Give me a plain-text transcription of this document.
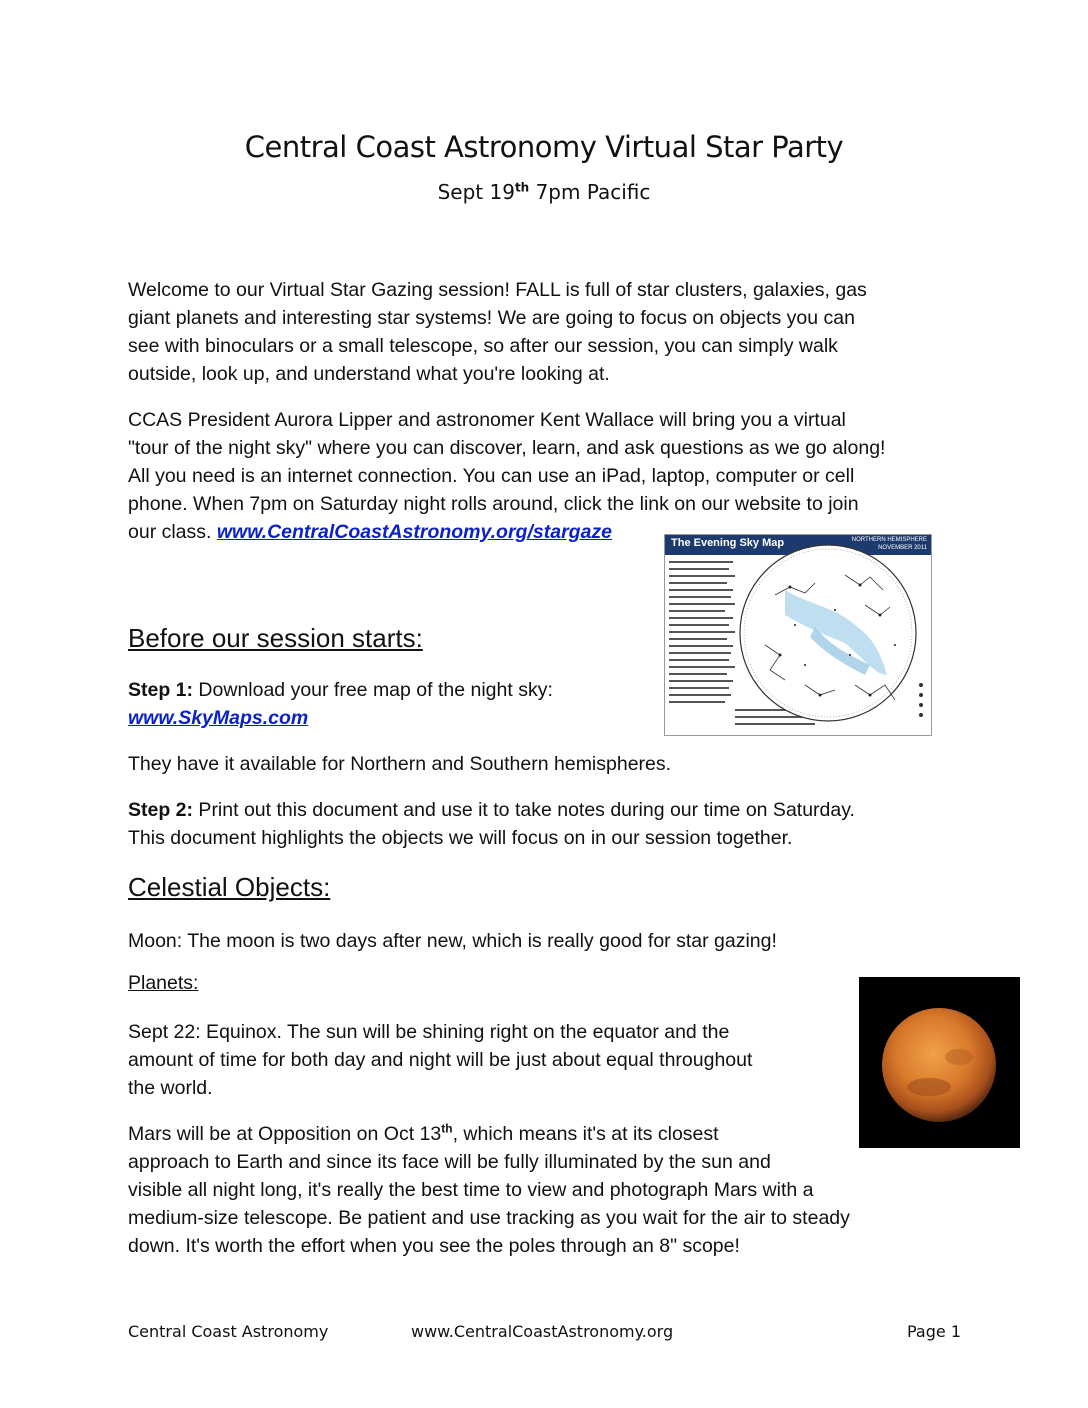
Central Coast Astronomy Virtual Star Party
Sept 19th 7pm Pacific
Welcome to our Virtual Star Gazing session! FALL is full of star clusters, galaxies, gas
giant planets and interesting star systems! We are going to focus on objects you can
see with binoculars or a small telescope, so after our session, you can simply walk
outside, look up, and understand what you're looking at.
CCAS President Aurora Lipper and astronomer Kent Wallace will bring you a virtual
"tour of the night sky" where you can discover, learn, and ask questions as we go along!
All you need is an internet connection. You can use an iPad, laptop, computer or cell
phone. When 7pm on Saturday night rolls around, click the link on our website to join
our class. www.CentralCoastAstronomy.org/stargaze	The Evening Sky Map	NORTHERN HEMISPHERE
NOVEMBER 2011
Before our session starts:
Step 1: Download your free map of the night sky:
www.SkyMaps.com
They have it available for Northern and Southern hemispheres.
Step 2: Print out this document and use it to take notes during our time on Saturday.
This document highlights the objects we will focus on in our session together.
Celestial Objects:
Moon: The moon is two days after new, which is really good for star gazing!
Planets:
Sept 22: Equinox. The sun will be shining right on the equator and the
amount of time for both day and night will be just about equal throughout
the world.
Mars will be at Opposition on Oct 13th, which means it's at its closest
approach to Earth and since its face will be fully illuminated by the sun and
visible all night long, it's really the best time to view and photograph Mars with a
medium-size telescope. Be patient and use tracking as you wait for the air to steady
down. It's worth the effort when you see the poles through an 8" scope!
Central Coast Astronomy	www.CentralCoastAstronomy.org	Page 1
